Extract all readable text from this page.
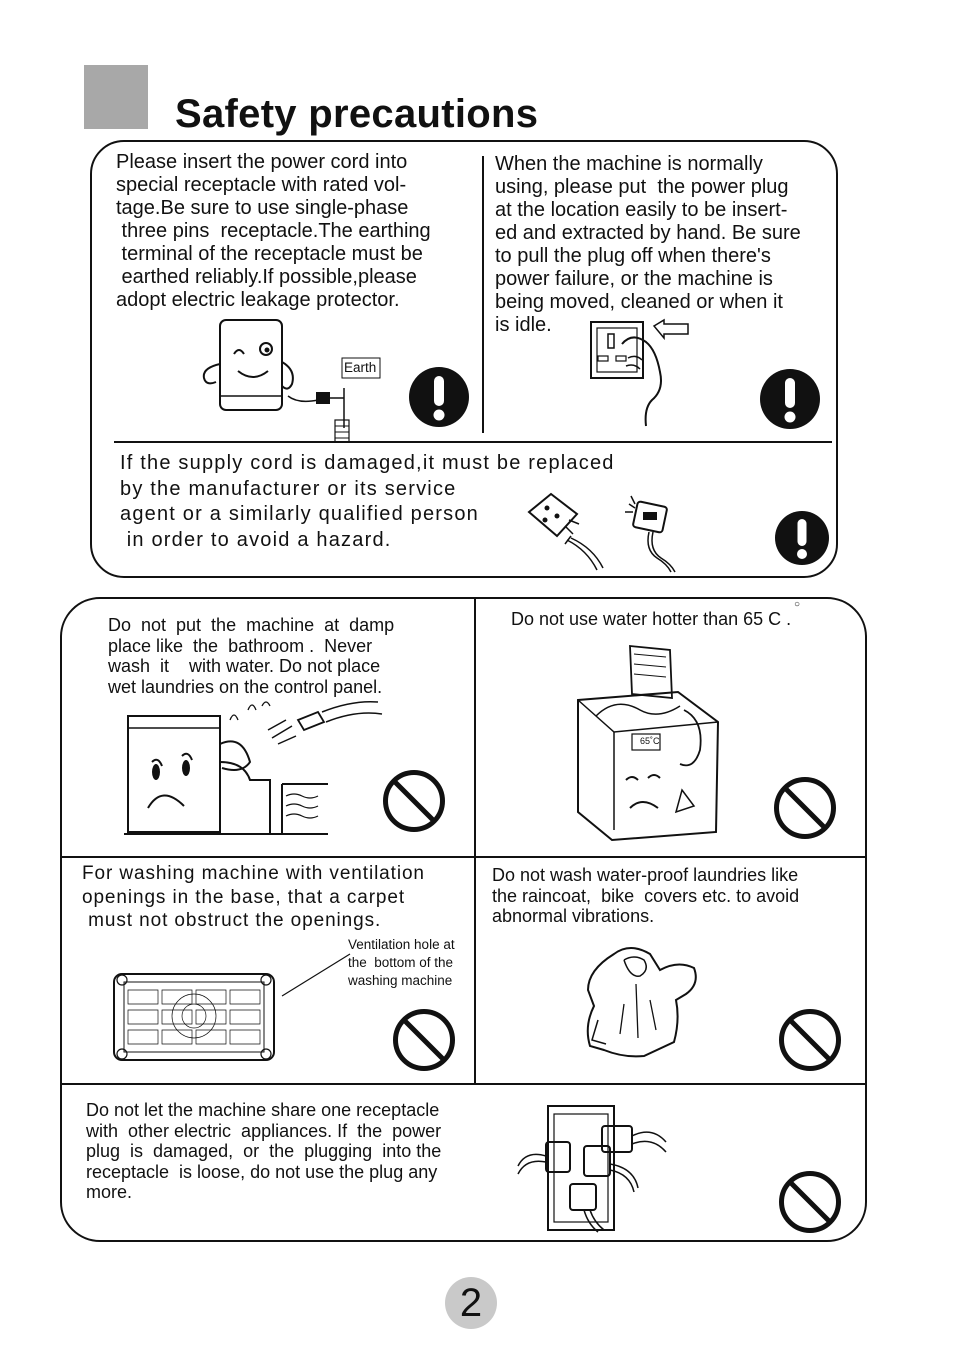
Safety precautions
Please insert the power cord into
special receptacle with rated vol-
tage.Be sure to use single-phase
three pins  receptacle.The earthing
terminal of the receptacle must be
earthed reliably.If possible,please
adopt electric leakage protector.
When the machine is normally
using, please put  the power plug
at the location easily to be insert-
ed and extracted by hand. Be sure
to pull the plug off when there's
power failure, or the machine is
being moved, cleaned or when it
is idle.
If the supply cord is damaged,it must be replaced
by the manufacturer or its service
agent or a similarly qualified person
in order to avoid a hazard.
Earth
Do  not  put  the  machine  at  damp
place like  the  bathroom .  Never
wash  it    with water. Do not place
wet laundries on the control panel.
Do not use water hotter than 65 C .
○
65˚C
For washing machine with ventilation
openings in the base, that a carpet
must not obstruct the openings.
Ventilation hole at
the  bottom of the
washing machine
Do not wash water-proof laundries like
the raincoat,  bike  covers etc. to avoid
abnormal vibrations.
Do not let the machine share one receptacle
with  other electric  appliances. If  the  power
plug  is  damaged,  or  the  plugging  into the
receptacle  is loose, do not use the plug any
more.
2
